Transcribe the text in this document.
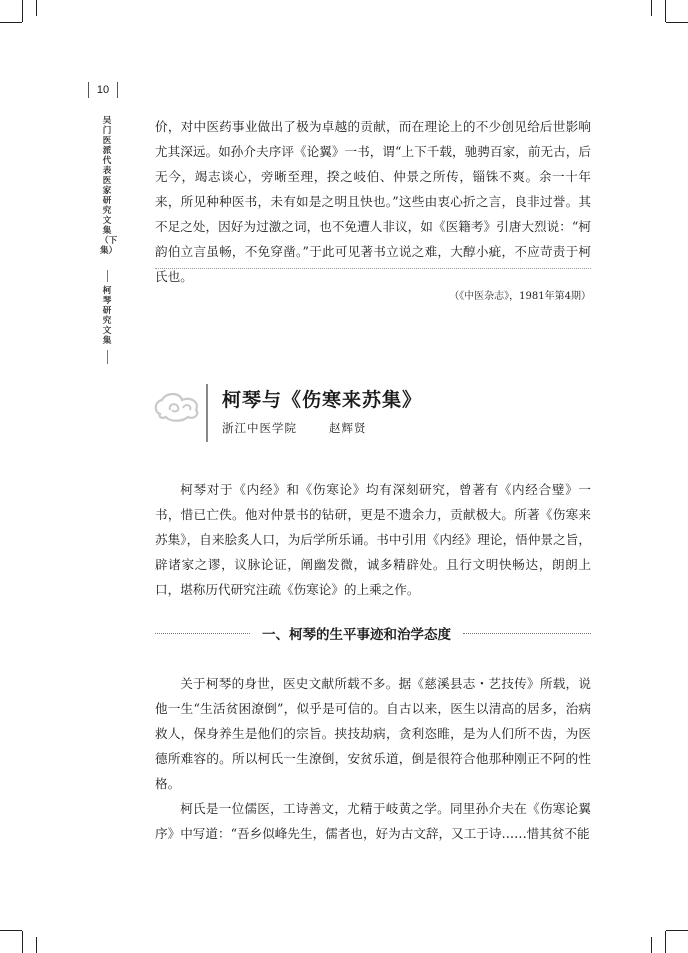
10
吴门医派代表医家研究文集（下集）
柯琴研究文集

价，对中医药事业做出了极为卓越的贡献，而在理论上的不少创见给后世影响尤其深远。如孙介夫序评《论翼》一书，谓“上下千载，驰骋百家，前无古，后无今，竭志谈心，旁晰至理，揆之岐伯、仲景之所传，锱铢不爽。余一十年来，所见种种医书，未有如是之明且快也。”这些由衷心折之言，良非过誉。其不足之处，因好为过激之词，也不免遭人非议，如《医籍考》引唐大烈说：“柯韵伯立言虽畅，不免穿凿。”于此可见著书立说之难，大醇小疵，不应苛责于柯氏也。

（《中医杂志》，1981年第4期）
柯琴与《伤寒来苏集》
浙江中医学院	赵辉贤

柯琴对于《内经》和《伤寒论》均有深刻研究，曾著有《内经合璧》一书，惜已亡佚。他对仲景书的钻研，更是不遗余力，贡献极大。所著《伤寒来苏集》，自来脍炙人口，为后学所乐诵。书中引用《内经》理论，悟仲景之旨，辟诸家之谬，议脉论证，阐幽发微，诚多精辟处。且行文明快畅达，朗朗上口，堪称历代研究注疏《伤寒论》的上乘之作。

一、柯琴的生平事迹和治学态度

关于柯琴的身世，医史文献所载不多。据《慈溪县志・艺技传》所载，说他一生“生活贫困潦倒”，似乎是可信的。自古以来，医生以清高的居多，治病救人，保身养生是他们的宗旨。挟技劫病，贪利恣睢，是为人们所不齿，为医德所难容的。所以柯氏一生潦倒，安贫乐道，倒是很符合他那种刚正不阿的性格。

柯氏是一位儒医，工诗善文，尤精于岐黄之学。同里孙介夫在《伤寒论翼序》中写道：“吾乡似峰先生，儒者也，好为古文辞，又工于诗……惜其贫不能
